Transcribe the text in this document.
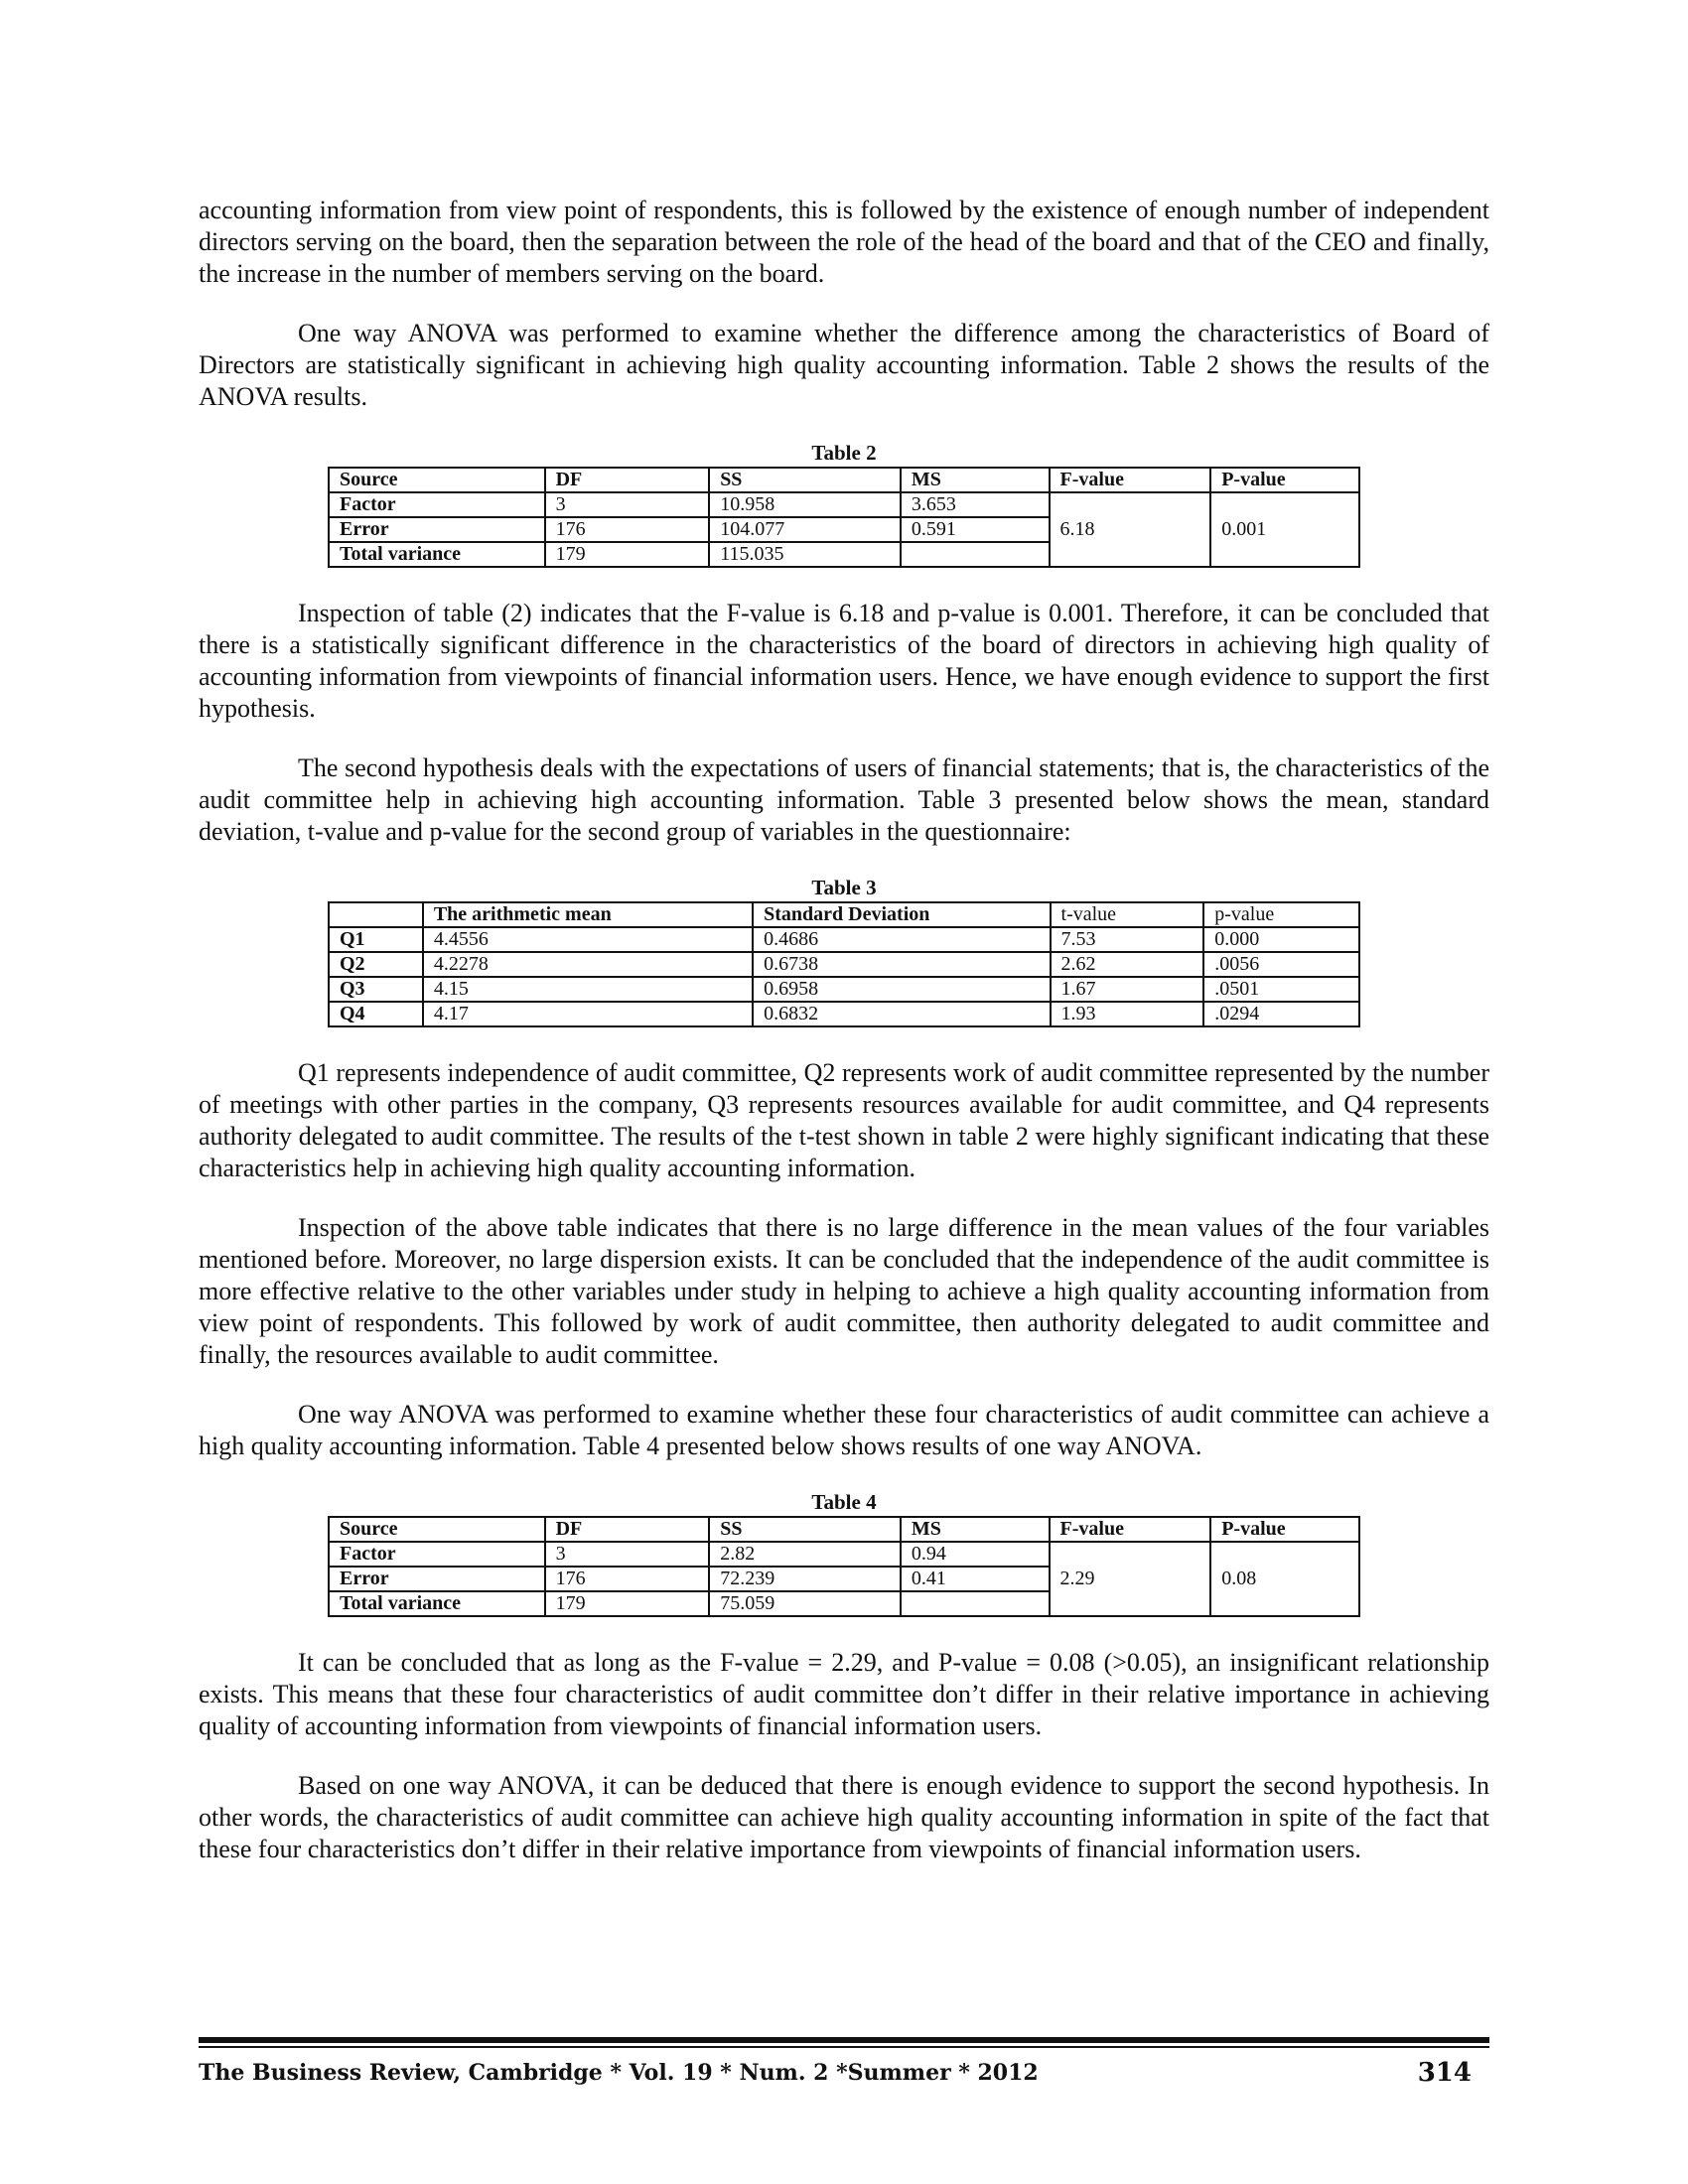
accounting information from view point of respondents, this is followed by the existence of enough number of independent directors serving on the board, then the separation between the role of the head of the board and that of the CEO and finally, the increase in the number of members serving on the board.

One way ANOVA was performed to examine whether the difference among the characteristics of Board of Directors are statistically significant in achieving high quality accounting information. Table 2 shows the results of the ANOVA results.

Table 2
Source	DF	SS	MS	F-value	P-value
Factor	3	10.958	3.653	6.18	0.001
Error	176	104.077	0.591		
Total variance	179	115.035			

Inspection of table (2) indicates that the F-value is 6.18 and p-value is 0.001. Therefore, it can be concluded that there is a statistically significant difference in the characteristics of the board of directors in achieving high quality of accounting information from viewpoints of financial information users. Hence, we have enough evidence to support the first hypothesis.

The second hypothesis deals with the expectations of users of financial statements; that is, the characteristics of the audit committee help in achieving high accounting information. Table 3 presented below shows the mean, standard deviation, t-value and p-value for the second group of variables in the questionnaire:

Table 3
	The arithmetic mean	Standard Deviation	t-value	p-value
Q1	4.4556	0.4686	7.53	0.000
Q2	4.2278	0.6738	2.62	.0056
Q3	4.15	0.6958	1.67	.0501
Q4	4.17	0.6832	1.93	.0294

Q1 represents independence of audit committee, Q2 represents work of audit committee represented by the number of meetings with other parties in the company, Q3 represents resources available for audit committee, and Q4 represents authority delegated to audit committee. The results of the t-test shown in table 2 were highly significant indicating that these characteristics help in achieving high quality accounting information.

Inspection of the above table indicates that there is no large difference in the mean values of the four variables mentioned before. Moreover, no large dispersion exists. It can be concluded that the independence of the audit committee is more effective relative to the other variables under study in helping to achieve a high quality accounting information from view point of respondents. This followed by work of audit committee, then authority delegated to audit committee and finally, the resources available to audit committee.

One way ANOVA was performed to examine whether these four characteristics of audit committee can achieve a high quality accounting information. Table 4 presented below shows results of one way ANOVA.

Table 4
Source	DF	SS	MS	F-value	P-value
Factor	3	2.82	0.94	2.29	0.08
Error	176	72.239	0.41		
Total variance	179	75.059			

It can be concluded that as long as the F-value = 2.29, and P-value = 0.08 (>0.05), an insignificant relationship exists. This means that these four characteristics of audit committee don’t differ in their relative importance in achieving quality of accounting information from viewpoints of financial information users.

Based on one way ANOVA, it can be deduced that there is enough evidence to support the second hypothesis. In other words, the characteristics of audit committee can achieve high quality accounting information in spite of the fact that these four characteristics don’t differ in their relative importance from viewpoints of financial information users.

The Business Review, Cambridge * Vol. 19 * Num. 2 *Summer * 2012	314
